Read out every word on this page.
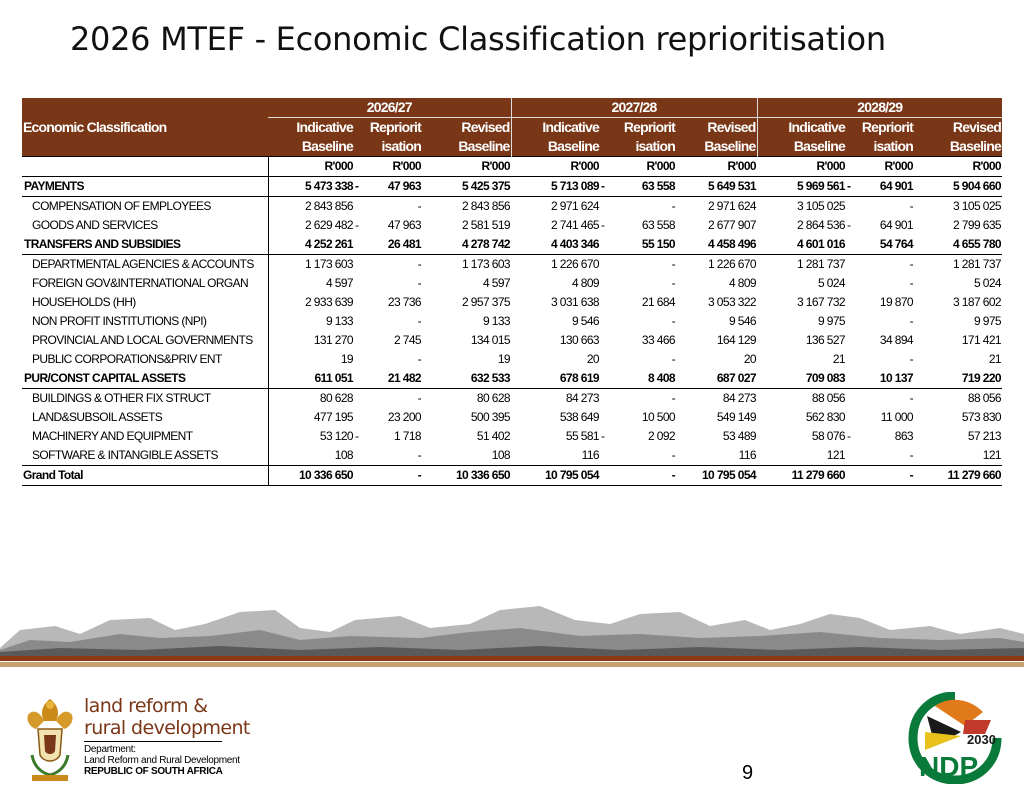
2026 MTEF - Economic Classification reprioritisation
Economic Classification	2026/27			2027/28			2028/29		
	Indicative	Repriorit	Revised	Indicative	Repriorit	Revised	Indicative	Repriorit	Revised
	Baseline	isation	Baseline	Baseline	isation	Baseline	Baseline	isation	Baseline
	R'000	R'000	R'000	R'000	R'000	R'000	R'000	R'000	R'000
PAYMENTS	5 473 338	- 47 963	5 425 375	5 713 089	- 63 558	5 649 531	5 969 561	- 64 901	5 904 660
COMPENSATION OF EMPLOYEES	2 843 856	-	2 843 856	2 971 624	-	2 971 624	3 105 025	-	3 105 025
GOODS AND SERVICES	2 629 482	- 47 963	2 581 519	2 741 465	- 63 558	2 677 907	2 864 536	- 64 901	2 799 635
TRANSFERS AND SUBSIDIES	4 252 261	26 481	4 278 742	4 403 346	55 150	4 458 496	4 601 016	54 764	4 655 780
DEPARTMENTAL AGENCIES & ACCOUNTS	1 173 603	-	1 173 603	1 226 670	-	1 226 670	1 281 737	-	1 281 737
FOREIGN GOV&INTERNATIONAL ORGAN	4 597	-	4 597	4 809	-	4 809	5 024	-	5 024
HOUSEHOLDS (HH)	2 933 639	23 736	2 957 375	3 031 638	21 684	3 053 322	3 167 732	19 870	3 187 602
NON PROFIT INSTITUTIONS (NPI)	9 133	-	9 133	9 546	-	9 546	9 975	-	9 975
PROVINCIAL AND LOCAL GOVERNMENTS	131 270	2 745	134 015	130 663	33 466	164 129	136 527	34 894	171 421
PUBLIC CORPORATIONS&PRIV ENT	19	-	19	20	-	20	21	-	21
PUR/CONST CAPITAL ASSETS	611 051	21 482	632 533	678 619	8 408	687 027	709 083	10 137	719 220
BUILDINGS & OTHER FIX STRUCT	80 628	-	80 628	84 273	-	84 273	88 056	-	88 056
LAND&SUBSOIL ASSETS	477 195	23 200	500 395	538 649	10 500	549 149	562 830	11 000	573 830
MACHINERY AND EQUIPMENT	53 120	- 1 718	51 402	55 581	- 2 092	53 489	58 076	- 863	57 213
SOFTWARE & INTANGIBLE ASSETS	108	-	108	116	-	116	121	-	121
Grand Total	10 336 650	-	10 336 650	10 795 054	-	10 795 054	11 279 660	-	11 279 660
land reform &
rural development
Department:
Land Reform and Rural Development
REPUBLIC OF SOUTH AFRICA	9
2030
NDP
